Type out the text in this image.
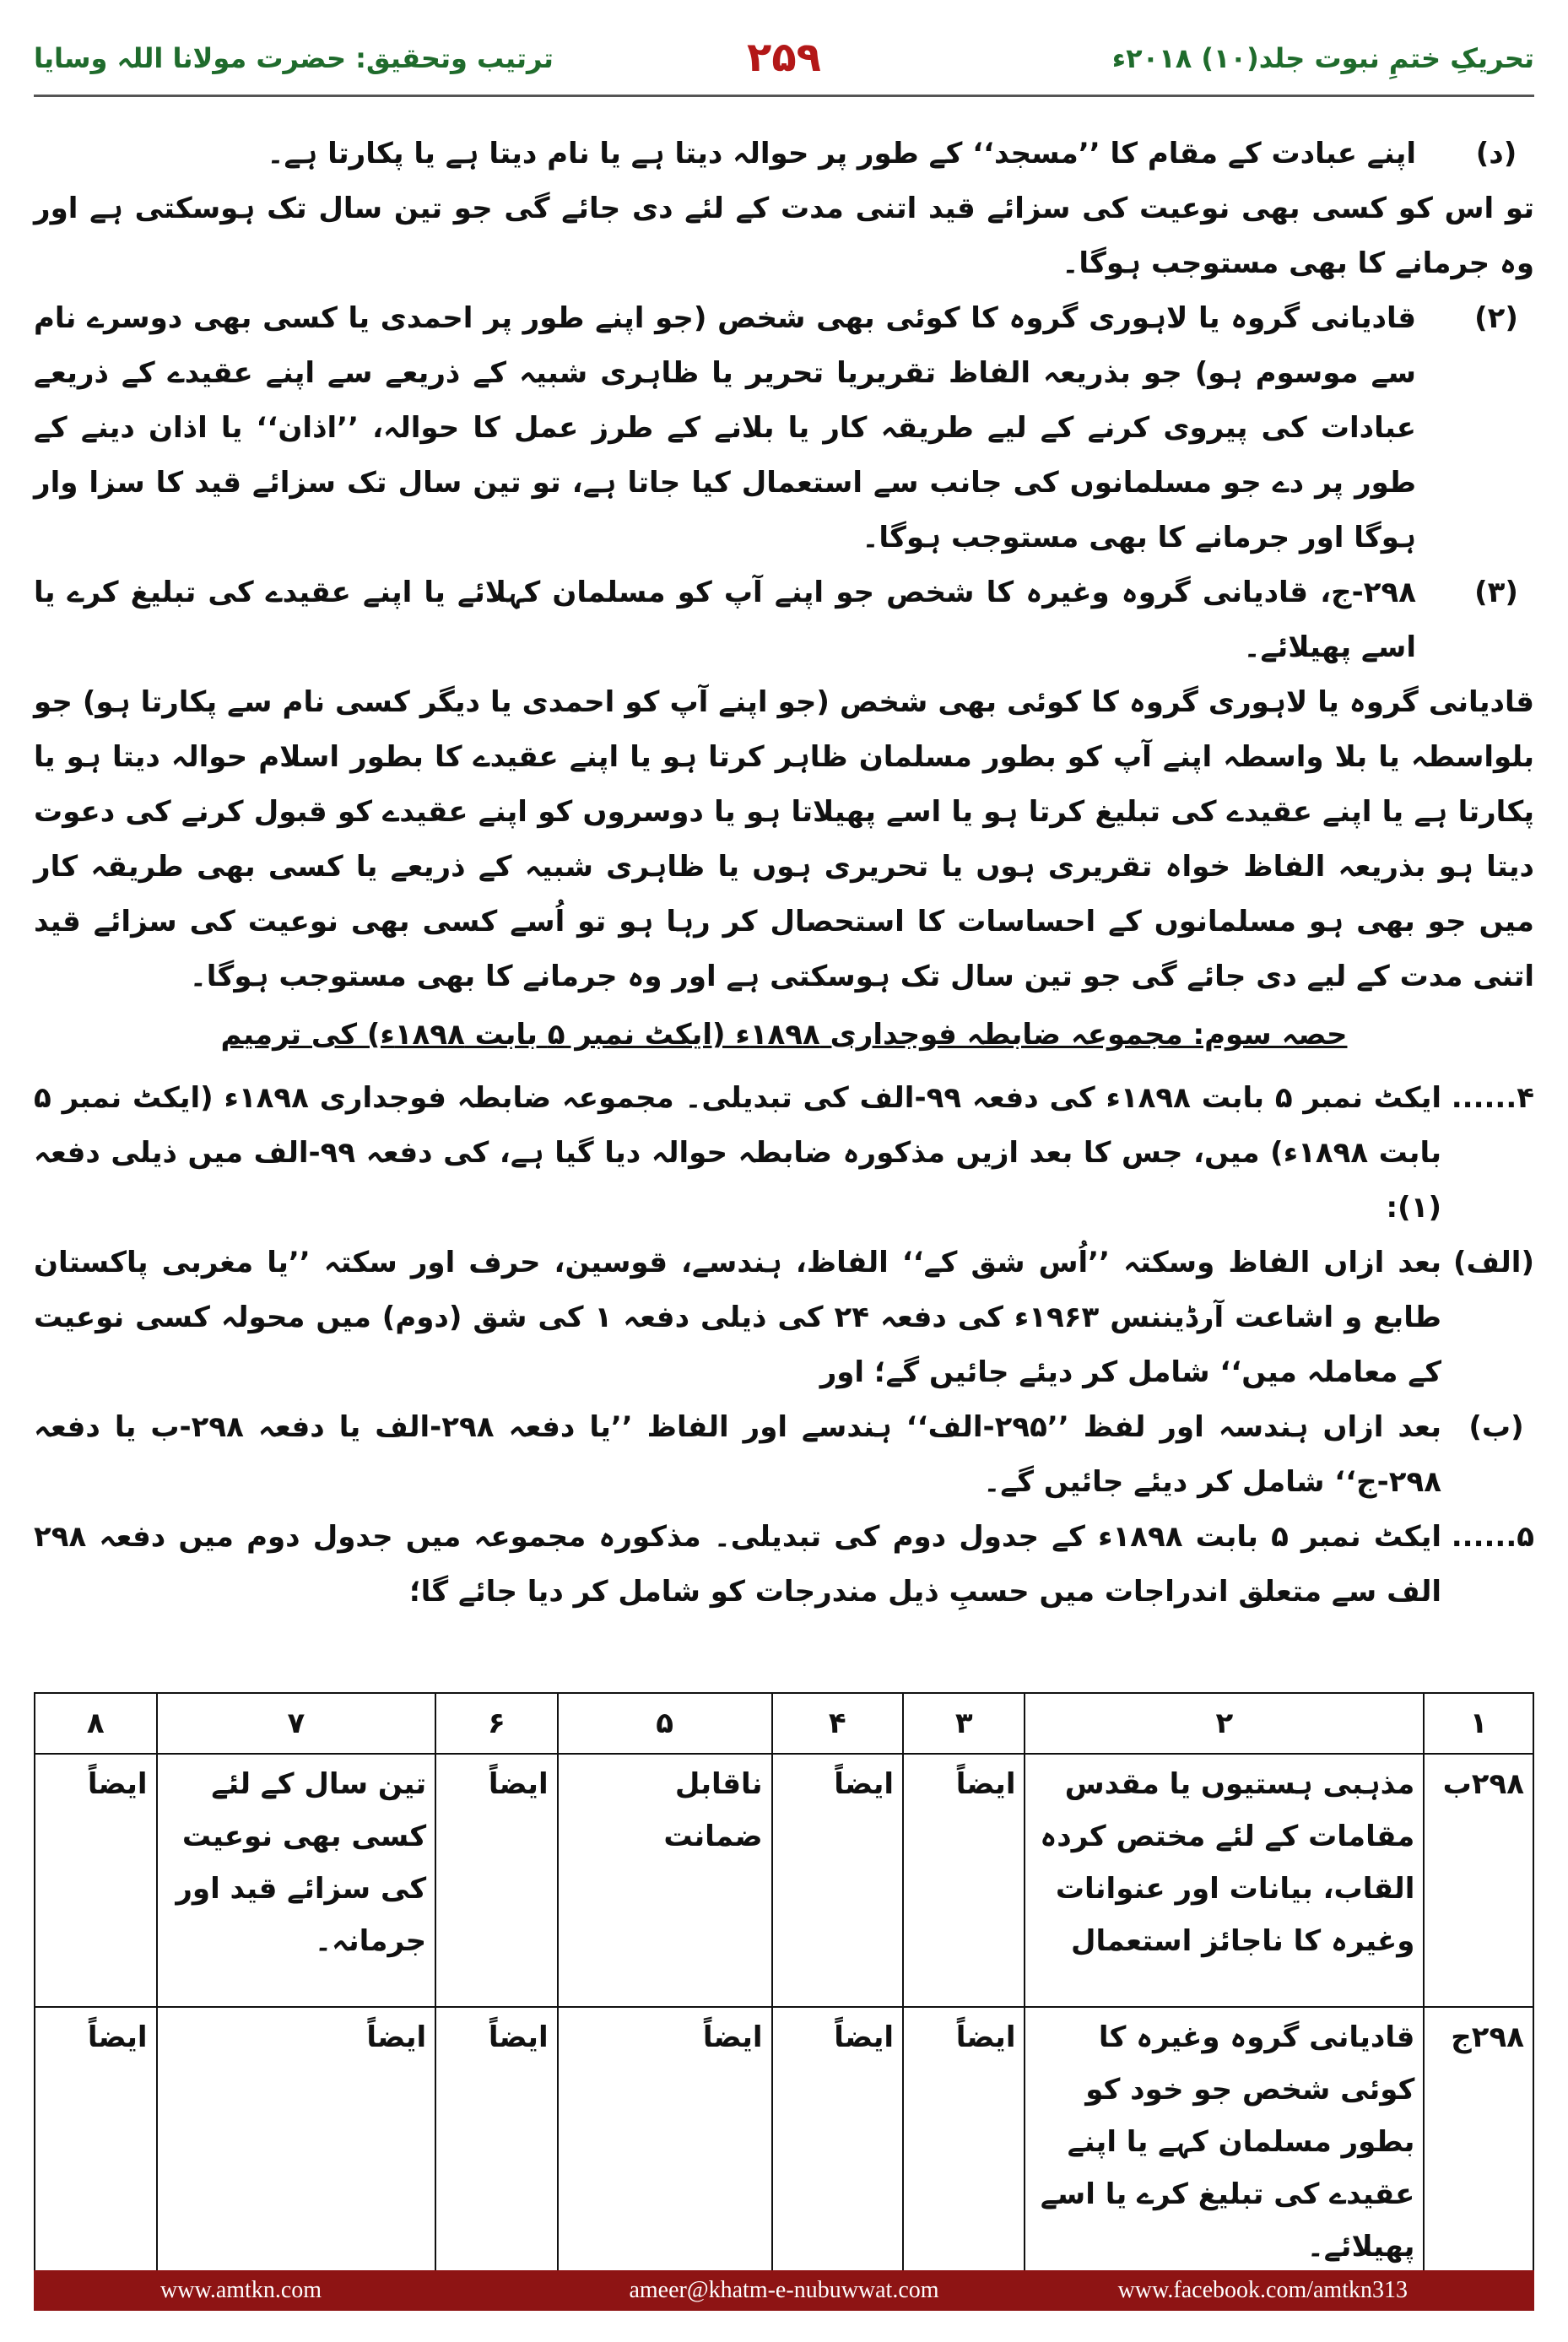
تحریکِ ختمِ نبوت جلد(۱۰) ۲۰۱۸ء
۲۵۹
ترتیب وتحقیق: حضرت مولانا اللہ وسایا

(د)
اپنے عبادت کے مقام کا ’’مسجد‘‘ کے طور پر حوالہ دیتا ہے یا نام دیتا ہے یا پکارتا ہے۔

تو اس کو کسی بھی نوعیت کی سزائے قید اتنی مدت کے لئے دی جائے گی جو تین سال تک ہوسکتی ہے اور وہ جرمانے کا بھی مستوجب ہوگا۔

(۲)
قادیانی گروہ یا لاہوری گروہ کا کوئی بھی شخص (جو اپنے طور پر احمدی یا کسی بھی دوسرے نام سے موسوم ہو) جو بذریعہ الفاظ تقریریا تحریر یا ظاہری شبیہ کے ذریعے سے اپنے عقیدے کے ذریعے عبادات کی پیروی کرنے کے لیے طریقہ کار یا بلانے کے طرز عمل کا حوالہ، ’’اذان‘‘ یا اذان دینے کے طور پر دے جو مسلمانوں کی جانب سے استعمال کیا جاتا ہے، تو تین سال تک سزائے قید کا سزا وار ہوگا اور جرمانے کا بھی مستوجب ہوگا۔

(۳)
۲۹۸-ج، قادیانی گروہ وغیرہ کا شخص جو اپنے آپ کو مسلمان کہلائے یا اپنے عقیدے کی تبلیغ کرے یا اسے پھیلائے۔

قادیانی گروہ یا لاہوری گروہ کا کوئی بھی شخص (جو اپنے آپ کو احمدی یا دیگر کسی نام سے پکارتا ہو) جو بلواسطہ یا بلا واسطہ اپنے آپ کو بطور مسلمان ظاہر کرتا ہو یا اپنے عقیدے کا بطور اسلام حوالہ دیتا ہو یا پکارتا ہے یا اپنے عقیدے کی تبلیغ کرتا ہو یا اسے پھیلاتا ہو یا دوسروں کو اپنے عقیدے کو قبول کرنے کی دعوت دیتا ہو بذریعہ الفاظ خواہ تقریری ہوں یا تحریری ہوں یا ظاہری شبیہ کے ذریعے یا کسی بھی طریقہ کار میں جو بھی ہو مسلمانوں کے احساسات کا استحصال کر رہا ہو تو اُسے کسی بھی نوعیت کی سزائے قید اتنی مدت کے لیے دی جائے گی جو تین سال تک ہوسکتی ہے اور وہ جرمانے کا بھی مستوجب ہوگا۔

حصہ سوم: مجموعہ ضابطہ فوجداری ۱۸۹۸ء (ایکٹ نمبر ۵ بابت ۱۸۹۸ء) کی ترمیم

۴......
ایکٹ نمبر ۵ بابت ۱۸۹۸ء کی دفعہ ۹۹-الف کی تبدیلی۔ مجموعہ ضابطہ فوجداری ۱۸۹۸ء (ایکٹ نمبر ۵ بابت ۱۸۹۸ء) میں، جس کا بعد ازیں مذکورہ ضابطہ حوالہ دیا گیا ہے، کی دفعہ ۹۹-الف میں ذیلی دفعہ (۱):

(الف)
بعد ازاں الفاظ وسکتہ ’’اُس شق کے‘‘ الفاظ، ہندسے، قوسین، حرف اور سکتہ ’’یا مغربی پاکستان طابع و اشاعت آرڈیننس ۱۹۶۳ء کی دفعہ ۲۴ کی ذیلی دفعہ ۱ کی شق (دوم) میں محولہ کسی نوعیت کے معاملہ میں‘‘ شامل کر دیئے جائیں گے؛ اور

(ب)
بعد ازاں ہندسہ اور لفظ ’’۲۹۵-الف‘‘ ہندسے اور الفاظ ’’یا دفعہ ۲۹۸-الف یا دفعہ ۲۹۸-ب یا دفعہ ۲۹۸-ج‘‘ شامل کر دیئے جائیں گے۔

۵......
ایکٹ نمبر ۵ بابت ۱۸۹۸ء کے جدول دوم کی تبدیلی۔ مذکورہ مجموعہ میں جدول دوم میں دفعہ ۲۹۸ الف سے متعلق اندراجات میں حسبِ ذیل مندرجات کو شامل کر دیا جائے گا؛

۱	۲	۳	۴	۵	۶	۷	۸
۲۹۸ب	مذہبی ہستیوں یا مقدس مقامات کے لئے مختص کردہ القاب، بیانات اور عنوانات وغیرہ کا ناجائز استعمال	ایضاً	ایضاً	ناقابل ضمانت	ایضاً	تین سال کے لئے کسی بھی نوعیت کی سزائے قید اور جرمانہ۔	ایضاً
۲۹۸ج	قادیانی گروہ وغیرہ کا کوئی شخص جو خود کو بطور مسلمان کہے یا اپنے عقیدے کی تبلیغ کرے یا اسے پھیلائے۔	ایضاً	ایضاً	ایضاً	ایضاً	ایضاً	ایضاً
www.amtkn.com	ameer@khatm-e-nubuwwat.com	www.facebook.com/amtkn313
